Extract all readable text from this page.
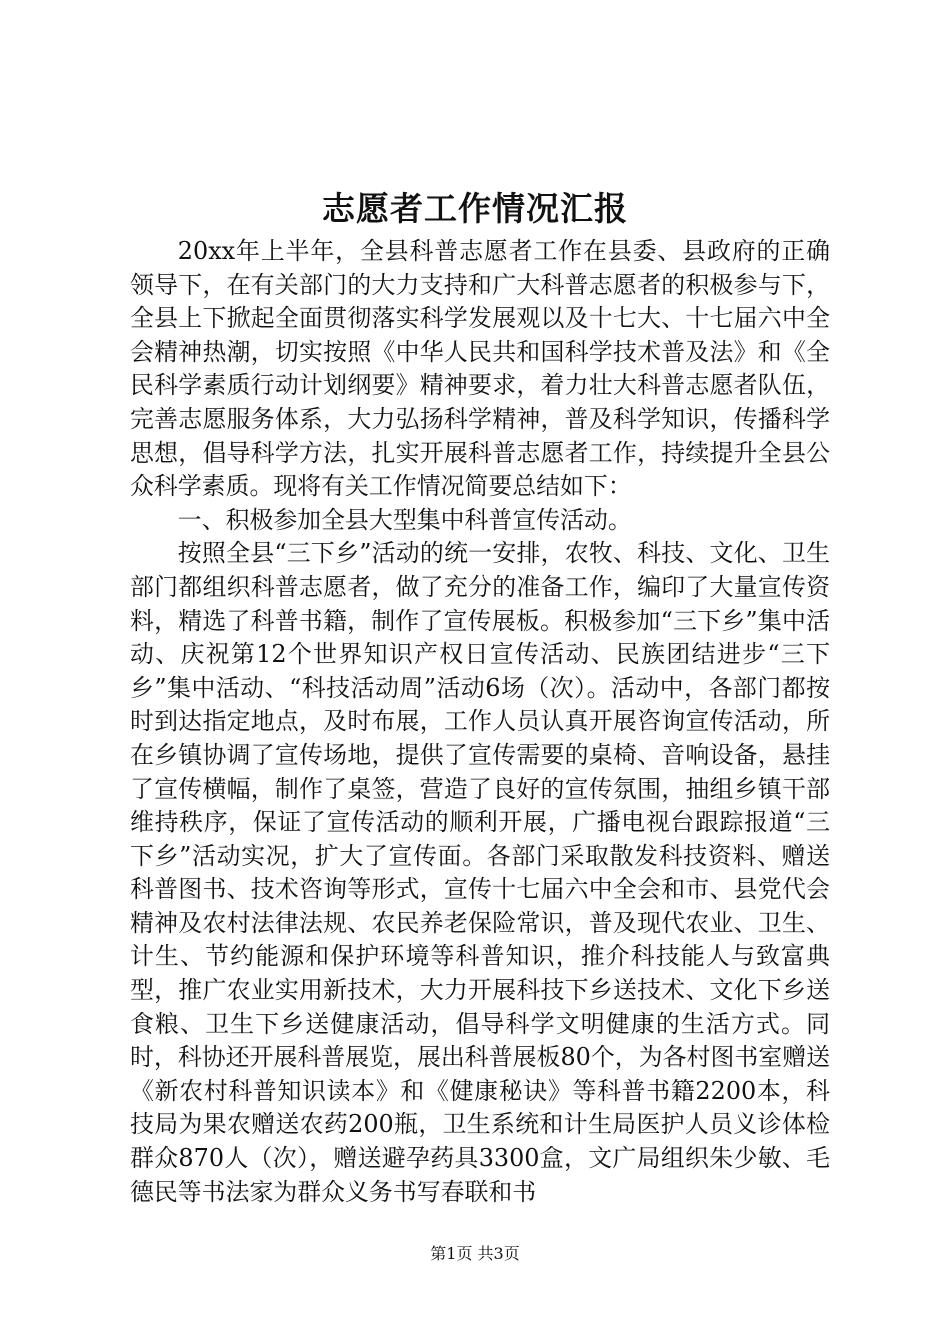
志愿者工作情况汇报

20xx年上半年，全县科普志愿者工作在县委、县政府的正确领导下，在有关部门的大力支持和广大科普志愿者的积极参与下，全县上下掀起全面贯彻落实科学发展观以及十七大、十七届六中全会精神热潮，切实按照《中华人民共和国科学技术普及法》和《全民科学素质行动计划纲要》精神要求，着力壮大科普志愿者队伍，完善志愿服务体系，大力弘扬科学精神，普及科学知识，传播科学思想，倡导科学方法，扎实开展科普志愿者工作，持续提升全县公众科学素质。现将有关工作情况简要总结如下：

一、积极参加全县大型集中科普宣传活动。

按照全县“三下乡”活动的统一安排，农牧、科技、文化、卫生部门都组织科普志愿者，做了充分的准备工作，编印了大量宣传资料，精选了科普书籍，制作了宣传展板。积极参加“三下乡”集中活动、庆祝第12个世界知识产权日宣传活动、民族团结进步“三下乡”集中活动、“科技活动周”活动6场（次）。活动中，各部门都按时到达指定地点，及时布展，工作人员认真开展咨询宣传活动，所在乡镇协调了宣传场地，提供了宣传需要的桌椅、音响设备，悬挂了宣传横幅，制作了桌签，营造了良好的宣传氛围，抽组乡镇干部维持秩序，保证了宣传活动的顺利开展，广播电视台跟踪报道“三下乡”活动实况，扩大了宣传面。各部门采取散发科技资料、赠送科普图书、技术咨询等形式，宣传十七届六中全会和市、县党代会精神及农村法律法规、农民养老保险常识，普及现代农业、卫生、计生、节约能源和保护环境等科普知识，推介科技能人与致富典型，推广农业实用新技术，大力开展科技下乡送技术、文化下乡送食粮、卫生下乡送健康活动，倡导科学文明健康的生活方式。同时，科协还开展科普展览，展出科普展板80个，为各村图书室赠送《新农村科普知识读本》和《健康秘诀》等科普书籍2200本，科技局为果农赠送农药200瓶，卫生系统和计生局医护人员义诊体检群众870人（次），赠送避孕药具3300盒，文广局组织朱少敏、毛德民等书法家为群众义务书写春联和书

第1页 共3页
